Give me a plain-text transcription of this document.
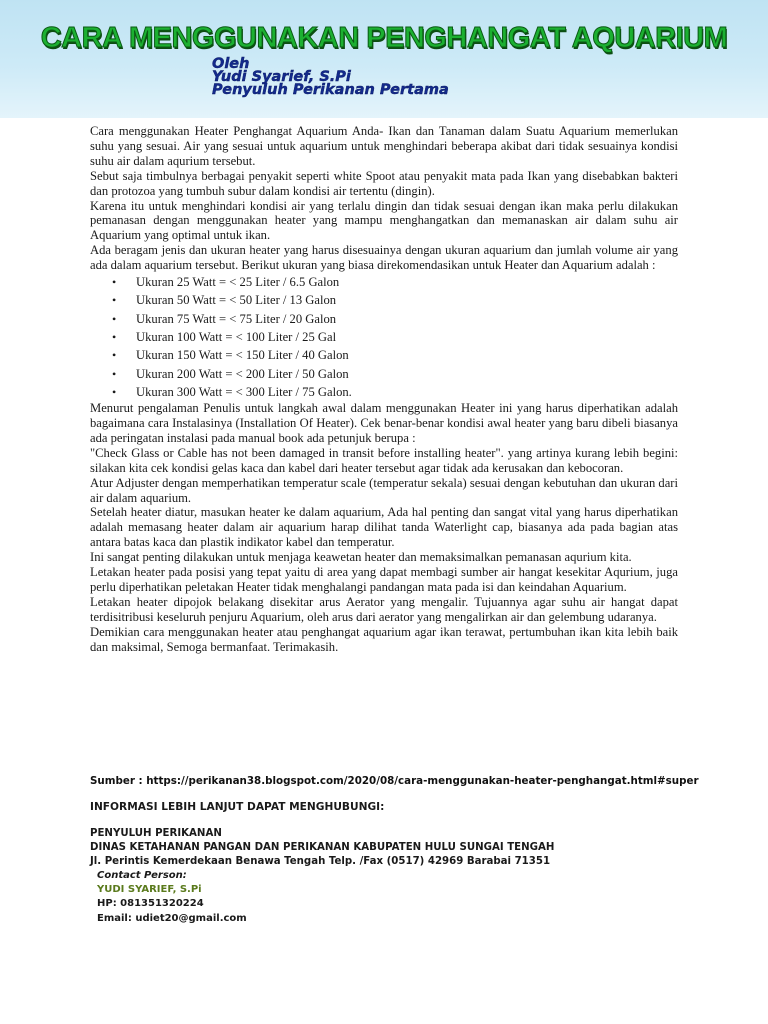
CARA MENGGUNAKAN PENGHANGAT AQUARIUM
Oleh
Yudi Syarief, S.Pi
Penyuluh Perikanan Pertama

Cara menggunakan Heater Penghangat Aquarium Anda- Ikan dan Tanaman dalam Suatu Aquarium memerlukan suhu yang sesuai. Air yang sesuai untuk aquarium untuk menghindari beberapa akibat dari tidak sesuainya kondisi suhu air dalam aqurium tersebut.

Sebut saja timbulnya berbagai penyakit seperti white Spoot atau penyakit mata pada Ikan yang disebabkan bakteri dan protozoa yang tumbuh subur dalam kondisi air tertentu (dingin).

Karena itu untuk menghindari kondisi air yang terlalu dingin dan tidak sesuai dengan ikan maka perlu dilakukan pemanasan dengan menggunakan heater yang mampu menghangatkan dan memanaskan air dalam suhu air Aquarium yang optimal untuk ikan.

Ada beragam jenis dan ukuran heater yang harus disesuainya dengan ukuran aquarium dan jumlah volume air yang ada dalam aquarium tersebut. Berikut ukuran yang biasa direkomendasikan untuk Heater dan Aquarium adalah :

• Ukuran 25 Watt = < 25 Liter / 6.5 Galon
• Ukuran 50 Watt = < 50 Liter / 13 Galon
• Ukuran 75 Watt = < 75 Liter / 20 Galon
• Ukuran 100 Watt = < 100 Liter / 25 Gal
• Ukuran 150 Watt = < 150 Liter / 40 Galon
• Ukuran 200 Watt = < 200 Liter / 50 Galon
• Ukuran 300 Watt = < 300 Liter / 75 Galon.

Menurut pengalaman Penulis untuk langkah awal dalam menggunakan Heater ini yang harus diperhatikan adalah bagaimana cara Instalasinya (Installation Of Heater). Cek benar-benar kondisi awal heater yang baru dibeli biasanya ada peringatan instalasi pada manual book ada petunjuk berupa :

"Check Glass or Cable has not been damaged in transit before installing heater". yang artinya kurang lebih begini: silakan kita cek kondisi gelas kaca dan kabel dari heater tersebut agar tidak ada kerusakan dan kebocoran.

Atur Adjuster dengan memperhatikan temperatur scale (temperatur sekala) sesuai dengan kebutuhan dan ukuran dari air dalam aquarium.

Setelah heater diatur, masukan heater ke dalam aquarium, Ada hal penting dan sangat vital yang harus diperhatikan adalah memasang heater dalam air aquarium harap dilihat tanda Waterlight cap, biasanya ada pada bagian atas antara batas kaca dan plastik indikator kabel dan temperatur.

Ini sangat penting dilakukan untuk menjaga keawetan heater dan memaksimalkan pemanasan aqurium kita.

Letakan heater pada posisi yang tepat yaitu di area yang dapat membagi sumber air hangat kesekitar Aqurium, juga perlu diperhatikan peletakan Heater tidak menghalangi pandangan mata pada isi dan keindahan Aquarium.

Letakan heater dipojok belakang disekitar arus Aerator yang mengalir. Tujuannya agar suhu air hangat dapat terdisitribusi keseluruh penjuru Aquarium, oleh arus dari aerator yang mengalirkan air dan gelembung udaranya.

Demikian cara menggunakan heater atau penghangat aquarium agar ikan terawat, pertumbuhan ikan kita lebih baik dan maksimal, Semoga bermanfaat. Terimakasih.

Sumber : https://perikanan38.blogspot.com/2020/08/cara-menggunakan-heater-penghangat.html#super
INFORMASI LEBIH LANJUT DAPAT MENGHUBUNGI:
PENYULUH PERIKANAN
DINAS KETAHANAN PANGAN DAN PERIKANAN KABUPATEN HULU SUNGAI TENGAH
Jl. Perintis Kemerdekaan Benawa Tengah Telp. /Fax (0517) 42969 Barabai 71351
Contact Person:
YUDI SYARIEF, S.Pi
HP: 081351320224
Email: udiet20@gmail.com
